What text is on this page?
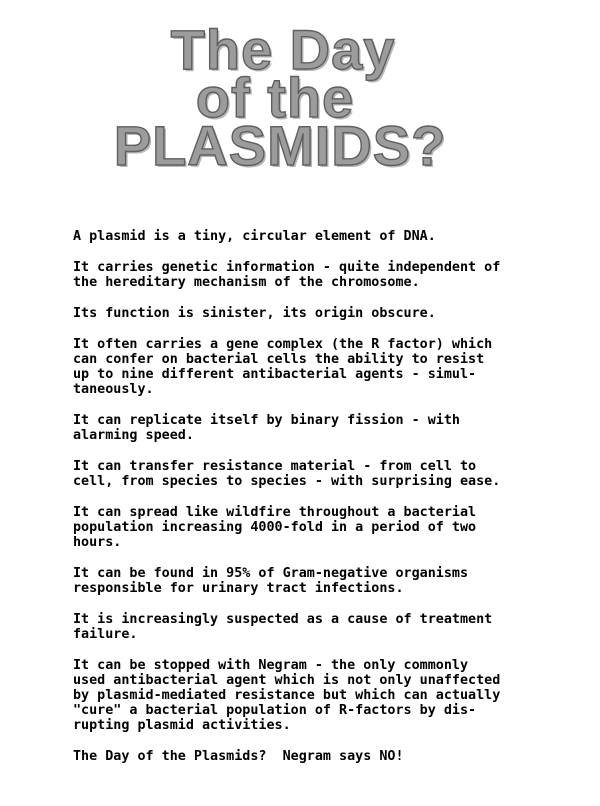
The Day
of the
PLASMIDS?

A plasmid is a tiny, circular element of DNA.

It carries genetic information - quite independent of
the hereditary mechanism of the chromosome.

Its function is sinister, its origin obscure.

It often carries a gene complex (the R factor) which
can confer on bacterial cells the ability to resist
up to nine different antibacterial agents - simul-
taneously.

It can replicate itself by binary fission - with
alarming speed.

It can transfer resistance material - from cell to
cell, from species to species - with surprising ease.

It can spread like wildfire throughout a bacterial
population increasing 4000-fold in a period of two
hours.

It can be found in 95% of Gram-negative organisms
responsible for urinary tract infections.

It is increasingly suspected as a cause of treatment
failure.

It can be stopped with Negram - the only commonly
used antibacterial agent which is not only unaffected
by plasmid-mediated resistance but which can actually
"cure" a bacterial population of R-factors by dis-
rupting plasmid activities.

The Day of the Plasmids?  Negram says NO!
